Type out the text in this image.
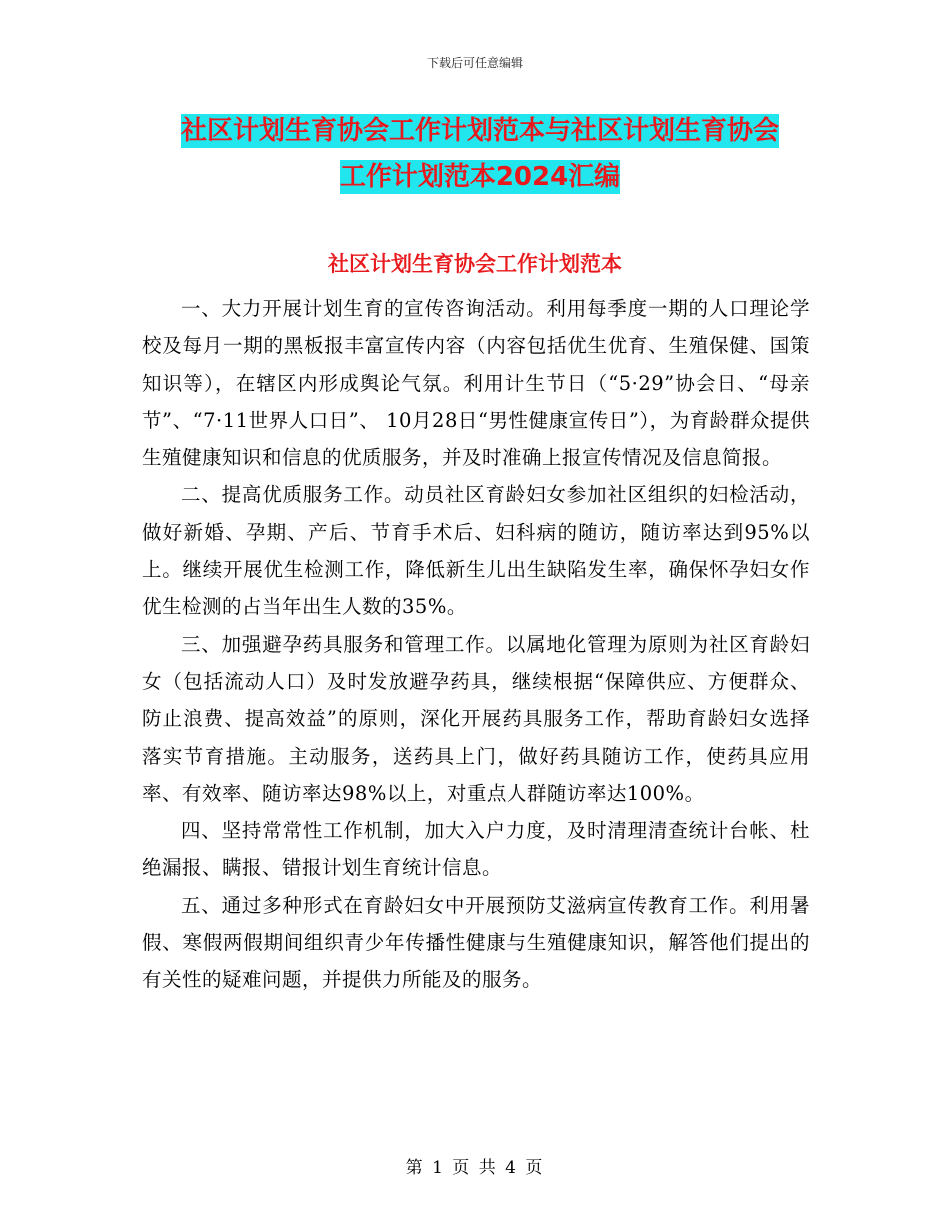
下载后可任意编辑
社区计划生育协会工作计划范本与社区计划生育协会
工作计划范本2024汇编
社区计划生育协会工作计划范本

一、大力开展计划生育的宣传咨询活动。利用每季度一期的人口理论学校及每月一期的黑板报丰富宣传内容（内容包括优生优育、生殖保健、国策知识等），在辖区内形成舆论气氛。利用计生节日（“5·29”协会日、“母亲节”、“7·11世界人口日”、 10月28日“男性健康宣传日”），为育龄群众提供生殖健康知识和信息的优质服务，并及时准确上报宣传情况及信息简报。

二、提高优质服务工作。动员社区育龄妇女参加社区组织的妇检活动，做好新婚、孕期、产后、节育手术后、妇科病的随访，随访率达到95%以上。继续开展优生检测工作，降低新生儿出生缺陷发生率，确保怀孕妇女作优生检测的占当年出生人数的35%。

三、加强避孕药具服务和管理工作。以属地化管理为原则为社区育龄妇女（包括流动人口）及时发放避孕药具，继续根据“保障供应、方便群众、防止浪费、提高效益”的原则，深化开展药具服务工作，帮助育龄妇女选择落实节育措施。主动服务，送药具上门，做好药具随访工作，使药具应用率、有效率、随访率达98%以上，对重点人群随访率达100%。

四、坚持常常性工作机制，加大入户力度，及时清理清查统计台帐、杜绝漏报、瞒报、错报计划生育统计信息。

五、通过多种形式在育龄妇女中开展预防艾滋病宣传教育工作。利用暑假、寒假两假期间组织青少年传播性健康与生殖健康知识，解答他们提出的有关性的疑难问题，并提供力所能及的服务。

第 1 页 共 4 页
